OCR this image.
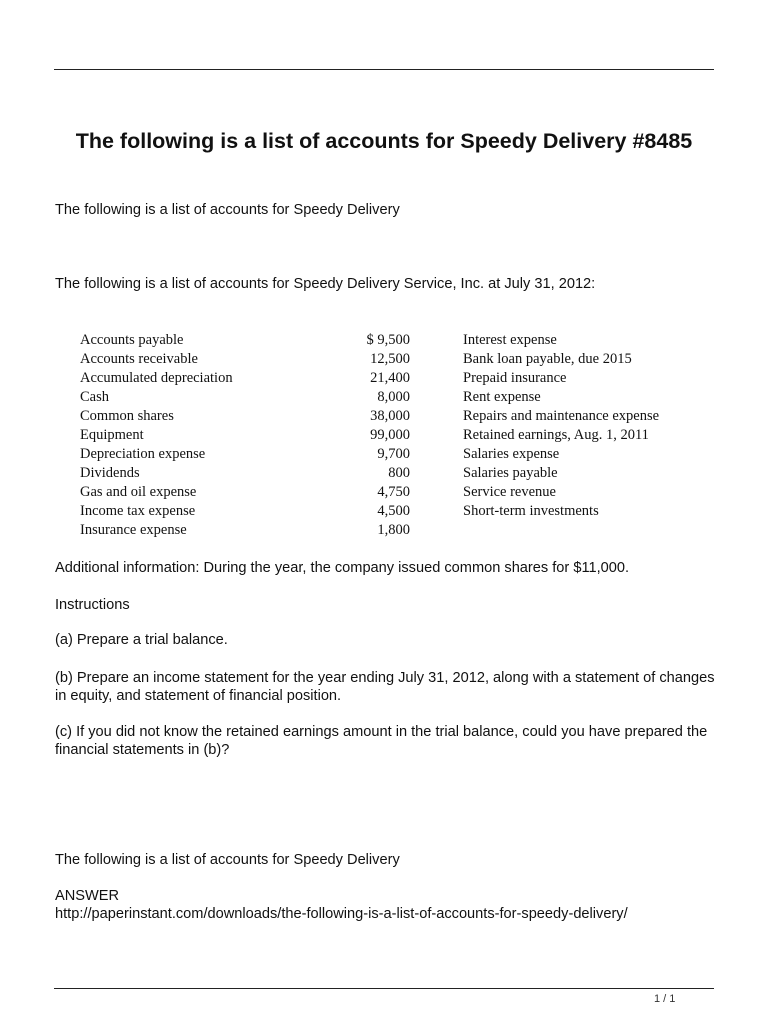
The following is a list of accounts for Speedy Delivery #8485

The following is a list of accounts for Speedy Delivery

The following is a list of accounts for Speedy Delivery Service, Inc. at July 31, 2012:

Accounts payable	$ 9,500	Interest expense
Accounts receivable	12,500	Bank loan payable, due 2015
Accumulated depreciation	21,400	Prepaid insurance
Cash	8,000	Rent expense
Common shares	38,000	Repairs and maintenance expense
Equipment	99,000	Retained earnings, Aug. 1, 2011
Depreciation expense	9,700	Salaries expense
Dividends	800	Salaries payable
Gas and oil expense	4,750	Service revenue
Income tax expense	4,500	Short-term investments
Insurance expense	1,800

Additional information: During the year, the company issued common shares for $11,000.

Instructions

(a) Prepare a trial balance.

(b) Prepare an income statement for the year ending July 31, 2012, along with a statement of changes in equity, and statement of financial position.

(c) If you did not know the retained earnings amount in the trial balance, could you have prepared the financial statements in (b)?

The following is a list of accounts for Speedy Delivery

ANSWER

http://paperinstant.com/downloads/the-following-is-a-list-of-accounts-for-speedy-delivery/

1 / 1
